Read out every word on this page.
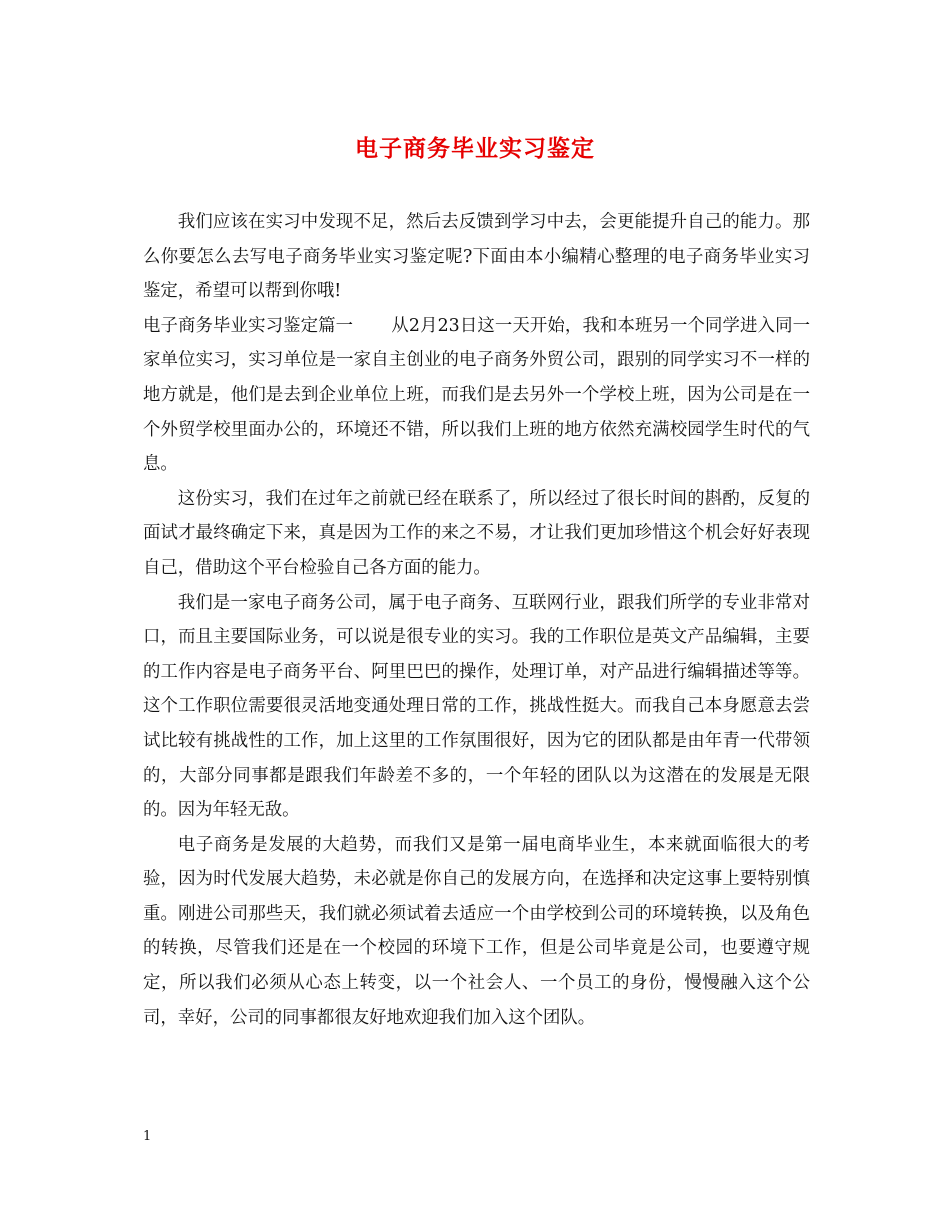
电子商务毕业实习鉴定

我们应该在实习中发现不足，然后去反馈到学习中去，会更能提升自己的能力。那么你要怎么去写电子商务毕业实习鉴定呢?下面由本小编精心整理的电子商务毕业实习鉴定，希望可以帮到你哦!

电子商务毕业实习鉴定篇一 从2月23日这一天开始，我和本班另一个同学进入同一家单位实习，实习单位是一家自主创业的电子商务外贸公司，跟别的同学实习不一样的地方就是，他们是去到企业单位上班，而我们是去另外一个学校上班，因为公司是在一个外贸学校里面办公的，环境还不错，所以我们上班的地方依然充满校园学生时代的气息。

这份实习，我们在过年之前就已经在联系了，所以经过了很长时间的斟酌，反复的面试才最终确定下来，真是因为工作的来之不易，才让我们更加珍惜这个机会好好表现自己，借助这个平台检验自己各方面的能力。

我们是一家电子商务公司，属于电子商务、互联网行业，跟我们所学的专业非常对口，而且主要国际业务，可以说是很专业的实习。我的工作职位是英文产品编辑，主要的工作内容是电子商务平台、阿里巴巴的操作，处理订单，对产品进行编辑描述等等。这个工作职位需要很灵活地变通处理日常的工作，挑战性挺大。而我自己本身愿意去尝试比较有挑战性的工作，加上这里的工作氛围很好，因为它的团队都是由年青一代带领的，大部分同事都是跟我们年龄差不多的，一个年轻的团队以为这潜在的发展是无限的。因为年轻无敌。

电子商务是发展的大趋势，而我们又是第一届电商毕业生，本来就面临很大的考验，因为时代发展大趋势，未必就是你自己的发展方向，在选择和决定这事上要特别慎重。刚进公司那些天，我们就必须试着去适应一个由学校到公司的环境转换，以及角色的转换，尽管我们还是在一个校园的环境下工作，但是公司毕竟是公司，也要遵守规定，所以我们必须从心态上转变，以一个社会人、一个员工的身份，慢慢融入这个公司，幸好，公司的同事都很友好地欢迎我们加入这个团队。

1
